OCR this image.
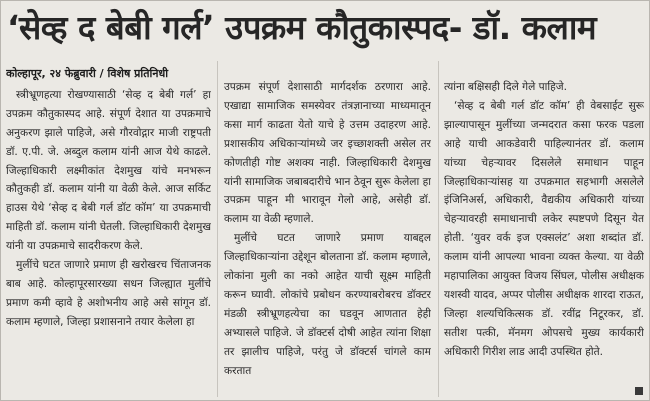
‘सेव्ह द बेबी गर्ल’ उपक्रम कौतुकास्पद- डॉ. कलाम
कोल्हापूर, २४ फेब्रुवारी / विशेष प्रतिनिधी

स्त्रीभ्रूणहत्या रोखण्यासाठी ‘सेव्ह द बेबी गर्ल’ हा उपक्रम कौतुकास्पद आहे. संपूर्ण देशात या उपक्रमाचे अनुकरण झाले पाहिजे, असे गौरवोद्गार माजी राष्ट्रपती डॉ. ए.पी. जे. अब्दुल कलाम यांनी आज येथे काढले. जिल्हाधिकारी लक्ष्मीकांत देशमुख यांचे मनभरून कौतुकही डॉ. कलाम यांनी या वेळी केले. आज सर्किट हाउस येथे ‘सेव्ह द बेबी गर्ल डॉट कॉम’ या उपक्रमाची माहिती डॉ. कलाम यांनी घेतली. जिल्हाधिकारी देशमुख यांनी या उपक्रमाचे सादरीकरण केले.

मुलींचे घटत जाणारे प्रमाण ही खरोखरच चिंताजनक बाब आहे. कोल्हापूरसारख्या सधन जिल्ह्यात मुलींचे प्रमाण कमी व्हावे हे अशोभनीय आहे असे सांगून डॉ. कलाम म्हणाले, जिल्हा प्रशासनाने तयार केलेला हा

उपक्रम संपूर्ण देशासाठी मार्गदर्शक ठरणारा आहे. एखाद्या सामाजिक समस्येवर तंत्रज्ञानाच्या माध्यमातून कसा मार्ग काढता येतो याचे हे उत्तम उदाहरण आहे. प्रशासकीय अधिकाऱ्यांमध्ये जर इच्छाशक्ती असेल तर कोणतीही गोष्ट अशक्य नाही. जिल्हाधिकारी देशमुख यांनी सामाजिक जबाबदारीचे भान ठेवून सुरू केलेला हा उपक्रम पाहून मी भारावून गेलो आहे, असेही डॉ. कलाम या वेळी म्हणाले.

मुलींचे घटत जाणारे प्रमाण याबद्दल जिल्हाधिकाऱ्यांना उद्देशून बोलताना डॉ. कलाम म्हणाले, लोकांना मुली का नको आहेत याची सूक्ष्म माहिती करून घ्यावी. लोकांचे प्रबोधन करण्याबरोबरच डॉक्टर मंडळी स्त्रीभ्रूणहत्येचा का घडवून आणतात हेही अभ्यासले पाहिजे. जे डॉक्टर्स दोषी आहेत त्यांना शिक्षा तर झालीच पाहिजे, परंतु जे डॉक्टर्स चांगले काम करतात

त्यांना बक्षिसही दिले गेले पाहिजे.

‘सेव्ह द बेबी गर्ल डॉट कॉम’ ही वेबसाईट सुरू झाल्यापासून मुलींच्या जन्मदरात कसा फरक पडला आहे याची आकडेवारी पाहिल्यानंतर डॉ. कलाम यांच्या चेहऱ्यावर दिसलेले समाधान पाहून जिल्हाधिकाऱ्यांसह या उपक्रमात सहभागी असलेले इंजिनिअर्स, अधिकारी, वैद्यकीय अधिकारी यांच्या चेहऱ्यावरही समाधानाची लकेर स्पष्टपणे दिसून येत होती. ‘युवर वर्क इज एक्सलंट’ अशा शब्दांत डॉ. कलाम यांनी आपल्या भावना व्यक्त केल्या. या वेळी महापालिका आयुक्त विजय सिंघल, पोलीस अधीक्षक यशस्वी यादव, अप्पर पोलीस अधीक्षक शारदा राऊत, जिल्हा शल्यचिकित्सक डॉ. रवींद्र निटूरकर, डॉ. सतीश पत्की, मॅनमग ओपसचे मुख्य कार्यकारी अधिकारी गिरीश लाड आदी उपस्थित होते.
